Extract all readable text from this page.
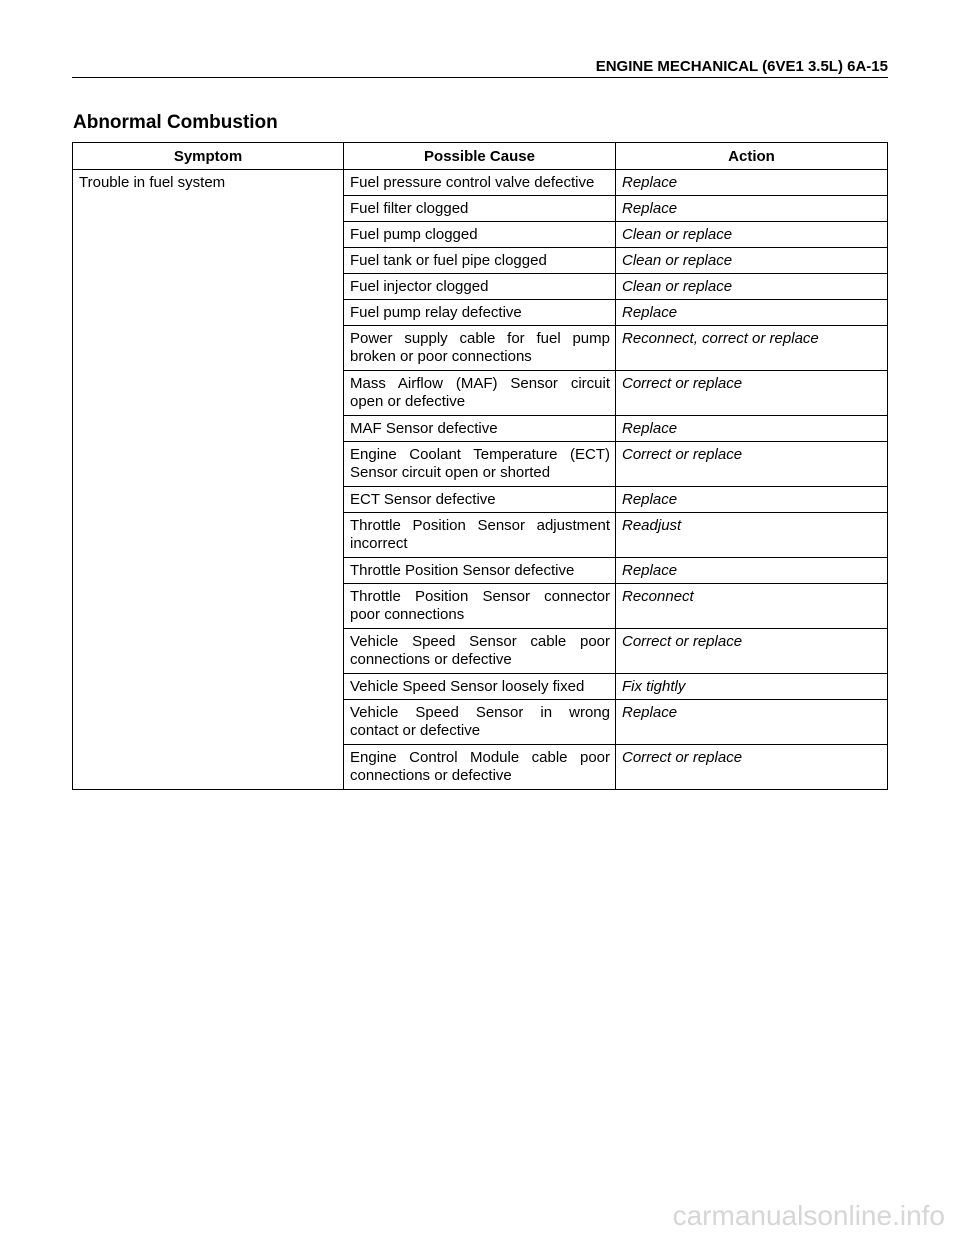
ENGINE MECHANICAL (6VE1 3.5L) 6A-15
Abnormal Combustion
Symptom	Possible Cause	Action
Trouble in fuel system	Fuel pressure control valve defective	Replace
	Fuel filter clogged	Replace
	Fuel pump clogged	Clean or replace
	Fuel tank or fuel pipe clogged	Clean or replace
	Fuel injector clogged	Clean or replace
	Fuel pump relay defective	Replace
	Power supply cable for fuel pump broken or poor connections	Reconnect, correct or replace
	Mass Airflow (MAF) Sensor circuit open or defective	Correct or replace
	MAF Sensor defective	Replace
	Engine Coolant Temperature (ECT) Sensor circuit open or shorted	Correct or replace
	ECT Sensor defective	Replace
	Throttle Position Sensor adjustment incorrect	Readjust
	Throttle Position Sensor defective	Replace
	Throttle Position Sensor connector poor connections	Reconnect
	Vehicle Speed Sensor cable poor connections or defective	Correct or replace
	Vehicle Speed Sensor loosely fixed	Fix tightly
	Vehicle Speed Sensor in wrong contact or defective	Replace
	Engine Control Module cable poor connections or defective	Correct or replace
carmanualsonline.info
